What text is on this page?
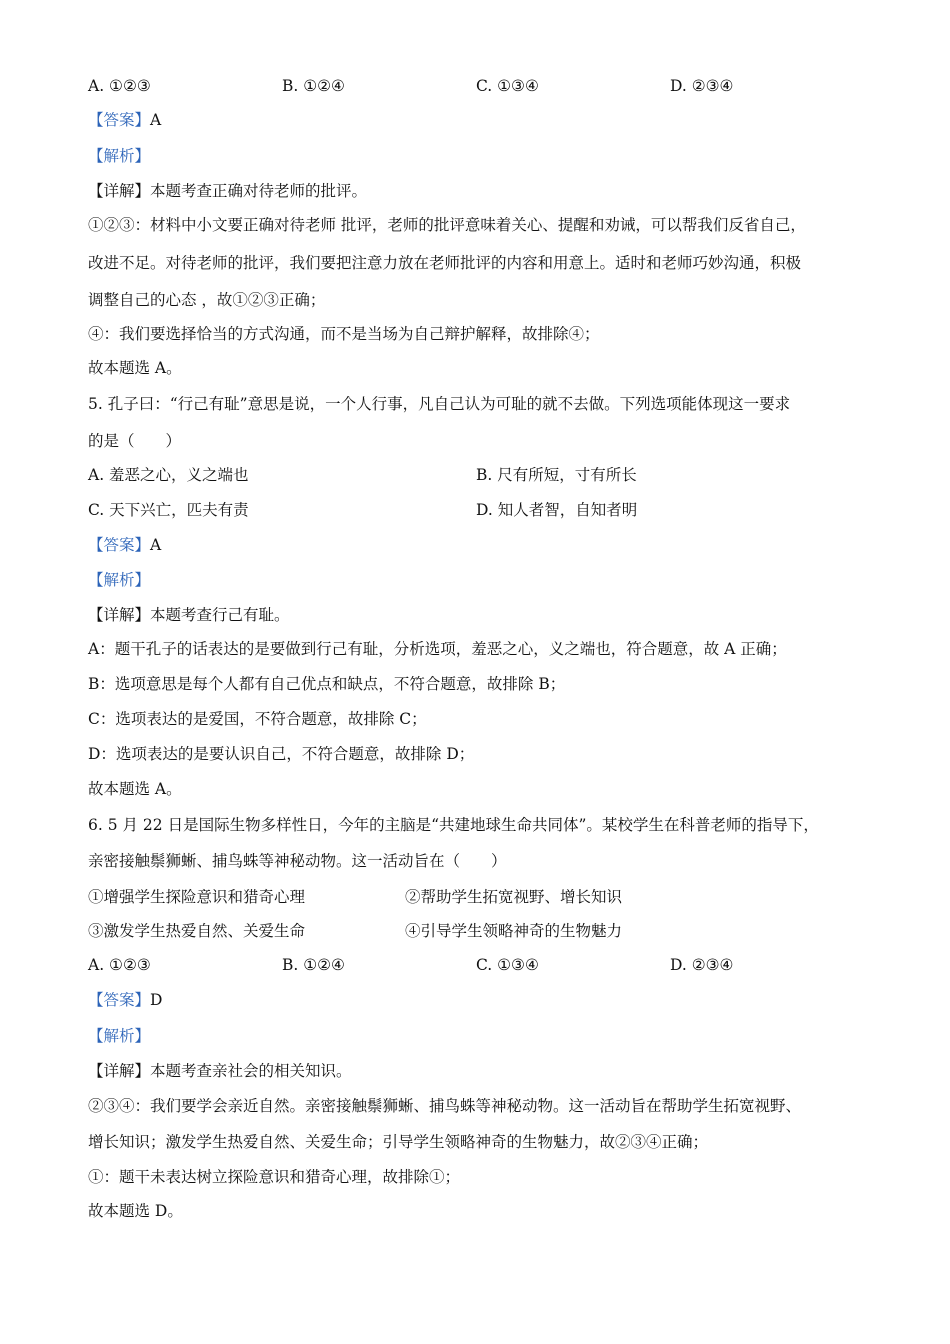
A. ①②③	B. ①②④	C. ①③④	D. ②③④
【答案】A
【解析】
【详解】本题考查正确对待老师的批评。
①②③：材料中小文要正确对待老师 批评，老师的批评意味着关心、提醒和劝诫，可以帮我们反省自己，
改进不足。对待老师的批评，我们要把注意力放在老师批评的内容和用意上。适时和老师巧妙沟通，积极
调整自己的心态 ，故①②③正确；
④：我们要选择恰当的方式沟通，而不是当场为自己辩护解释，故排除④；
故本题选 A。
5. 孔子曰：“行己有耻”意思是说，一个人行事，凡自己认为可耻的就不去做。下列选项能体现这一要求
的是（　　）
A. 羞恶之心，义之端也	B. 尺有所短，寸有所长
C. 天下兴亡，匹夫有责	D. 知人者智，自知者明
【答案】A
【解析】
【详解】本题考查行己有耻。
A：题干孔子的话表达的是要做到行己有耻，分析选项，羞恶之心，义之端也，符合题意，故 A 正确；
B：选项意思是每个人都有自己优点和缺点，不符合题意，故排除 B；
C：选项表达的是爱国，不符合题意，故排除 C；
D：选项表达的是要认识自己，不符合题意，故排除 D；
故本题选 A。
6. 5 月 22 日是国际生物多样性日，今年的主脑是“共建地球生命共同体”。某校学生在科普老师的指导下，
亲密接触鬃狮蜥、捕鸟蛛等神秘动物。这一活动旨在（　　）
①增强学生探险意识和猎奇心理	②帮助学生拓宽视野、增长知识
③激发学生热爱自然、关爱生命	④引导学生领略神奇的生物魅力
A. ①②③	B. ①②④	C. ①③④	D. ②③④
【答案】D
【解析】
【详解】本题考查亲社会的相关知识。
②③④：我们要学会亲近自然。亲密接触鬃狮蜥、捕鸟蛛等神秘动物。这一活动旨在帮助学生拓宽视野、
增长知识；激发学生热爱自然、关爱生命；引导学生领略神奇的生物魅力，故②③④正确；
①：题干未表达树立探险意识和猎奇心理，故排除①；
故本题选 D。
